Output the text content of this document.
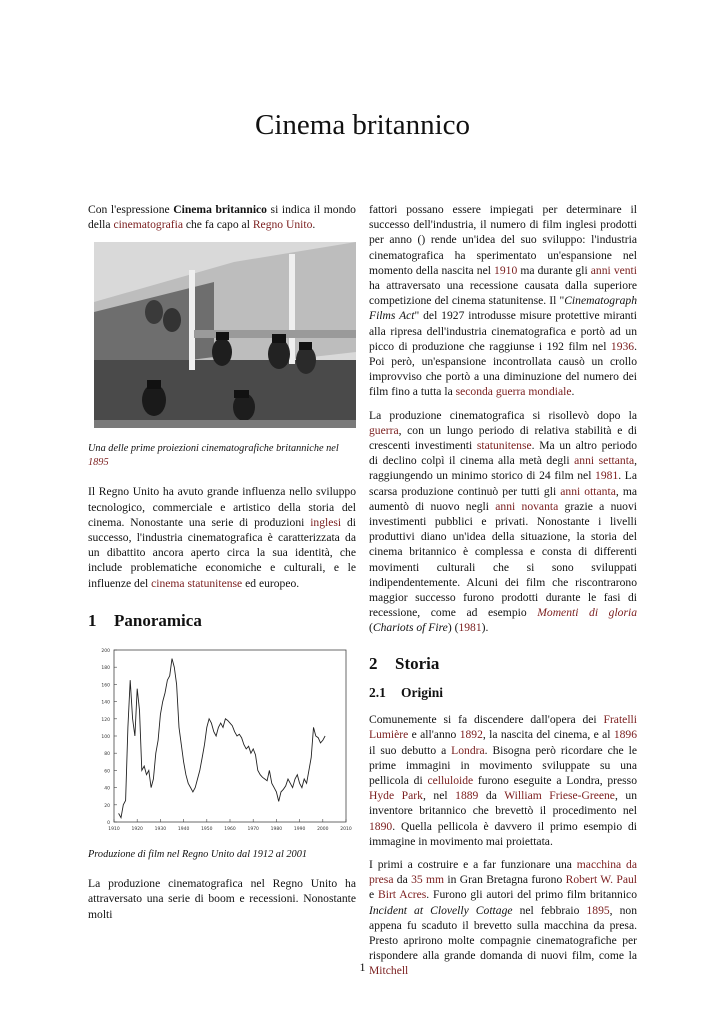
Cinema britannico

Con l'espressione Cinema britannico si indica il mondo della cinematografia che fa capo al Regno Unito.

Una delle prime proiezioni cinematografiche britanniche nel 1895

Il Regno Unito ha avuto grande influenza nello sviluppo tecnologico, commerciale e artistico della storia del cinema. Nonostante una serie di produzioni inglesi di successo, l'industria cinematografica è caratterizzata da un dibattito ancora aperto circa la sua identità, che include problematiche economiche e culturali, e le influenze del cinema statunitense ed europeo.

1 Panoramica
0
20
40
60
80
100
120
140
160
180
200
1910	1920	1930	1940	1950	1960	1970	1980	1990	2000	2010

Produzione di film nel Regno Unito dal 1912 al 2001

La produzione cinematografica nel Regno Unito ha attraversato una serie di boom e recessioni. Nonostante molti

fattori possano essere impiegati per determinare il successo dell'industria, il numero di film inglesi prodotti per anno () rende un'idea del suo sviluppo: l'industria cinematografica ha sperimentato un'espansione nel momento della nascita nel 1910 ma durante gli anni venti ha attraversato una recessione causata dalla superiore competizione del cinema statunitense. Il "Cinematograph Films Act" del 1927 introdusse misure protettive miranti alla ripresa dell'industria cinematografica e portò ad un picco di produzione che raggiunse i 192 film nel 1936. Poi però, un'espansione incontrollata causò un crollo improvviso che portò a una diminuzione del numero dei film fino a tutta la seconda guerra mondiale.

La produzione cinematografica si risollevò dopo la guerra, con un lungo periodo di relativa stabilità e di crescenti investimenti statunitense. Ma un altro periodo di declino colpì il cinema alla metà degli anni settanta, raggiungendo un minimo storico di 24 film nel 1981. La scarsa produzione continuò per tutti gli anni ottanta, ma aumentò di nuovo negli anni novanta grazie a nuovi investimenti pubblici e privati. Nonostante i livelli produttivi diano un'idea della situazione, la storia del cinema britannico è complessa e consta di differenti movimenti culturali che si sono sviluppati indipendentemente. Alcuni dei film che riscontrarono maggior successo furono prodotti durante le fasi di recessione, come ad esempio Momenti di gloria (Chariots of Fire) (1981).

2 Storia
2.1 Origini

Comunemente si fa discendere dall'opera dei Fratelli Lumière e all'anno 1892, la nascita del cinema, e al 1896 il suo debutto a Londra. Bisogna però ricordare che le prime immagini in movimento sviluppate su una pellicola di celluloide furono eseguite a Londra, presso Hyde Park, nel 1889 da William Friese-Greene, un inventore britannico che brevettò il procedimento nel 1890. Quella pellicola è davvero il primo esempio di immagine in movimento mai proiettata.

I primi a costruire e a far funzionare una macchina da presa da 35 mm in Gran Bretagna furono Robert W. Paul e Birt Acres. Furono gli autori del primo film britannico Incident at Clovelly Cottage nel febbraio 1895, non appena fu scaduto il brevetto sulla macchina da presa. Presto aprirono molte compagnie cinematografiche per rispondere alla grande domanda di nuovi film, come la Mitchell

1
